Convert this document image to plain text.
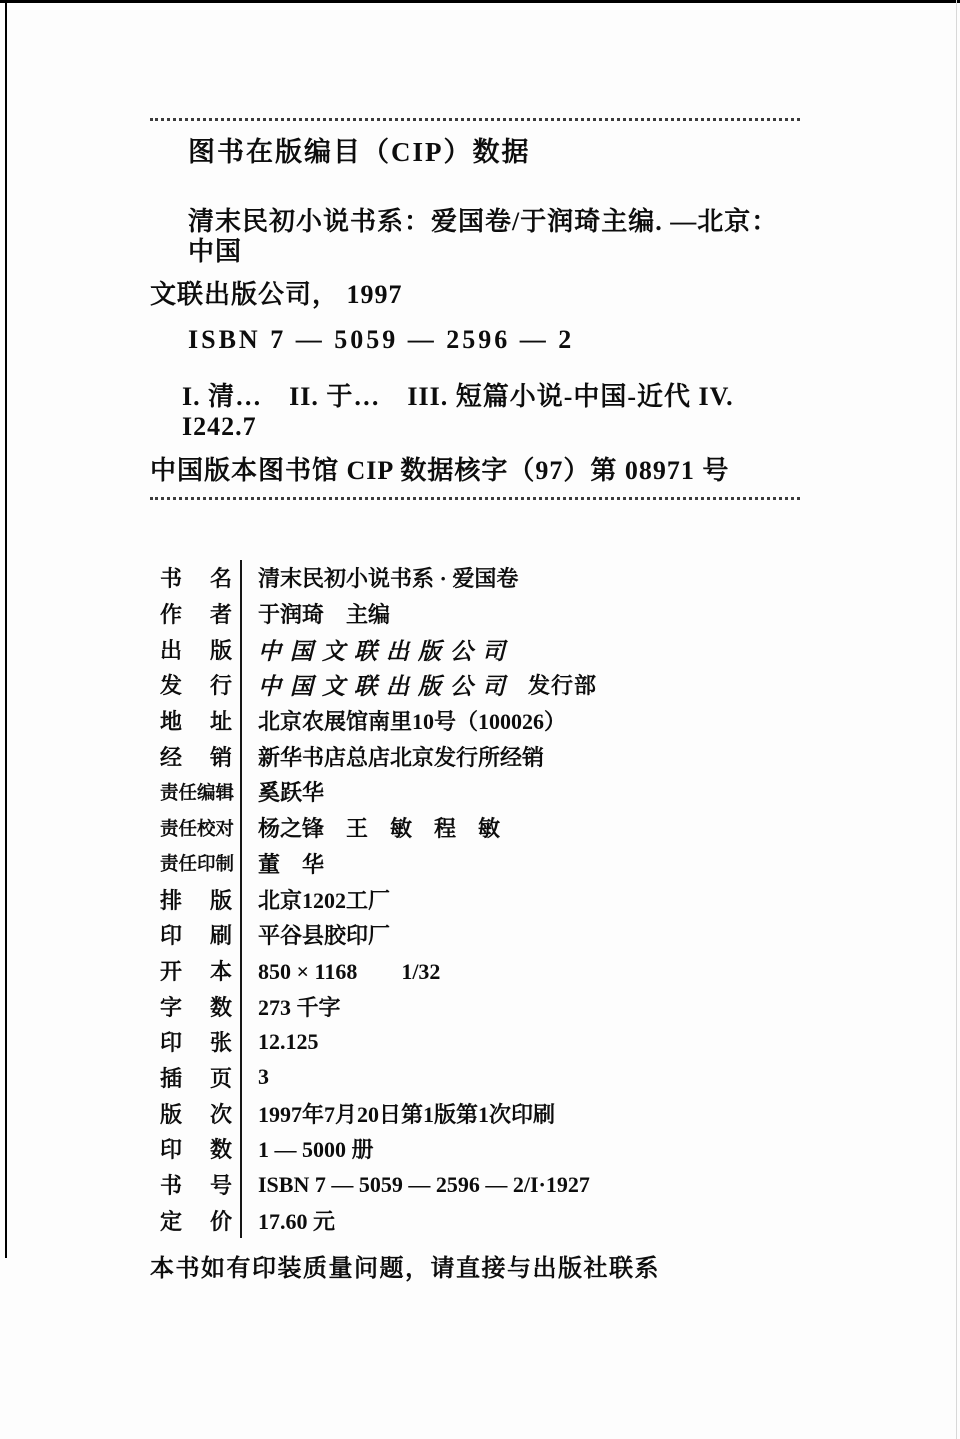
图书在版编目（CIP）数据

清末民初小说书系：爱国卷/于润琦主编. —北京：中国

文联出版公司， 1997

ISBN 7 — 5059 — 2596 — 2

I. 清…　II. 于…　III. 短篇小说-中国-近代 IV. I242.7

中国版本图书馆 CIP 数据核字（97）第 08971 号

书名 清末民初小说书系 · 爱国卷
作者 于润琦　主编
出版 中国文联出版公司
发行 中国文联出版公司 发行部
地址 北京农展馆南里10号（100026）
经销 新华书店总店北京发行所经销
责任编辑 奚跃华
责任校对 杨之锋　王　敏　程　敏
责任印制 董　华
排版 北京1202工厂
印刷 平谷县胶印厂
开本 850 × 1168　　1/32
字数 273 千字
印张 12.125
插页 3
版次 1997年7月20日第1版第1次印刷
印数 1 — 5000 册
书号 ISBN 7 — 5059 — 2596 — 2/I·1927
定价 17.60 元

本书如有印装质量问题，请直接与出版社联系
